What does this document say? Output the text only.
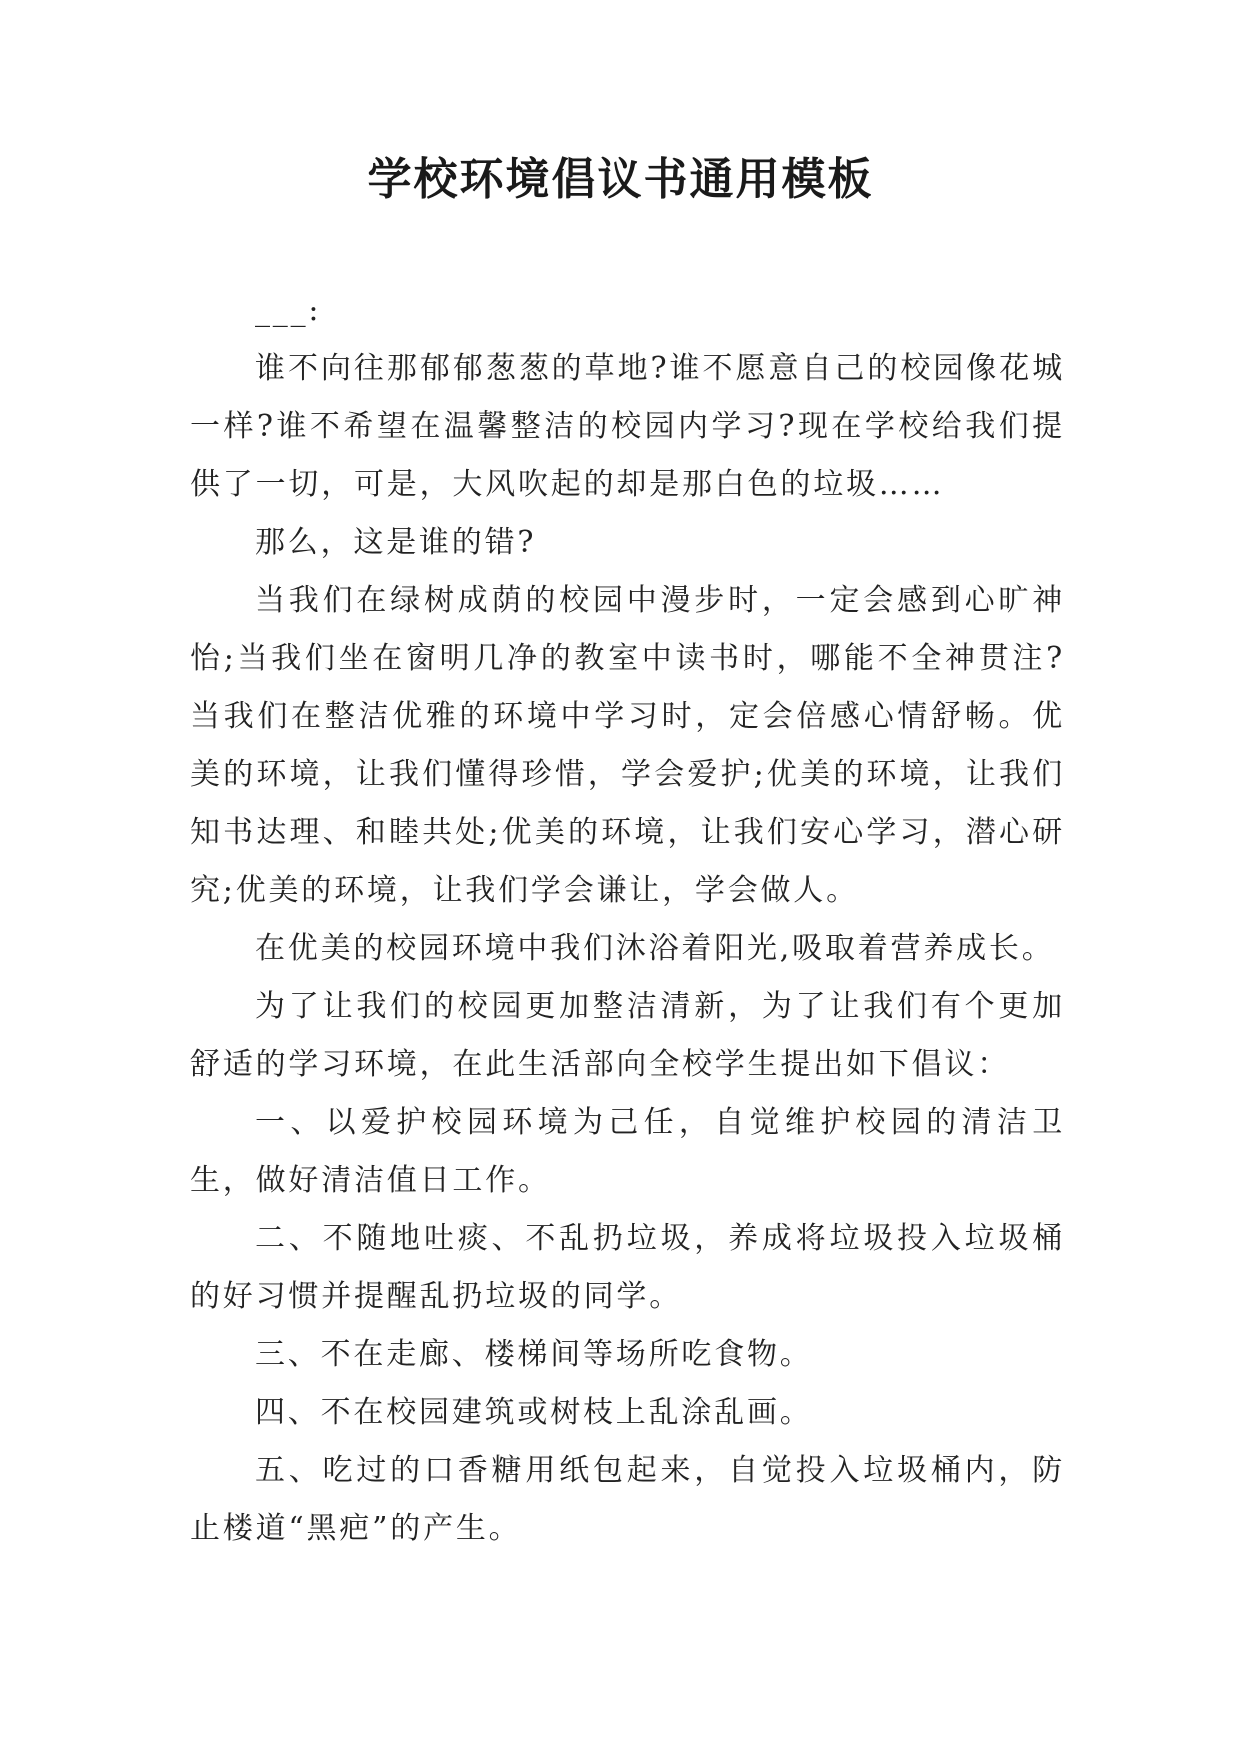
学校环境倡议书通用模板

___:

谁不向往那郁郁葱葱的草地?谁不愿意自己的校园像花城一样?谁不希望在温馨整洁的校园内学习?现在学校给我们提供了一切，可是，大风吹起的却是那白色的垃圾……

那么，这是谁的错?

当我们在绿树成荫的校园中漫步时，一定会感到心旷神怡;当我们坐在窗明几净的教室中读书时，哪能不全神贯注?当我们在整洁优雅的环境中学习时，定会倍感心情舒畅。优美的环境，让我们懂得珍惜，学会爱护;优美的环境，让我们知书达理、和睦共处;优美的环境，让我们安心学习，潜心研究;优美的环境，让我们学会谦让，学会做人。

在优美的校园环境中我们沐浴着阳光,吸取着营养成长。

为了让我们的校园更加整洁清新，为了让我们有个更加舒适的学习环境，在此生活部向全校学生提出如下倡议：

一、以爱护校园环境为己任，自觉维护校园的清洁卫生，做好清洁值日工作。

二、不随地吐痰、不乱扔垃圾，养成将垃圾投入垃圾桶的好习惯并提醒乱扔垃圾的同学。

三、不在走廊、楼梯间等场所吃食物。

四、不在校园建筑或树枝上乱涂乱画。

五、吃过的口香糖用纸包起来，自觉投入垃圾桶内，防止楼道“黑疤”的产生。
